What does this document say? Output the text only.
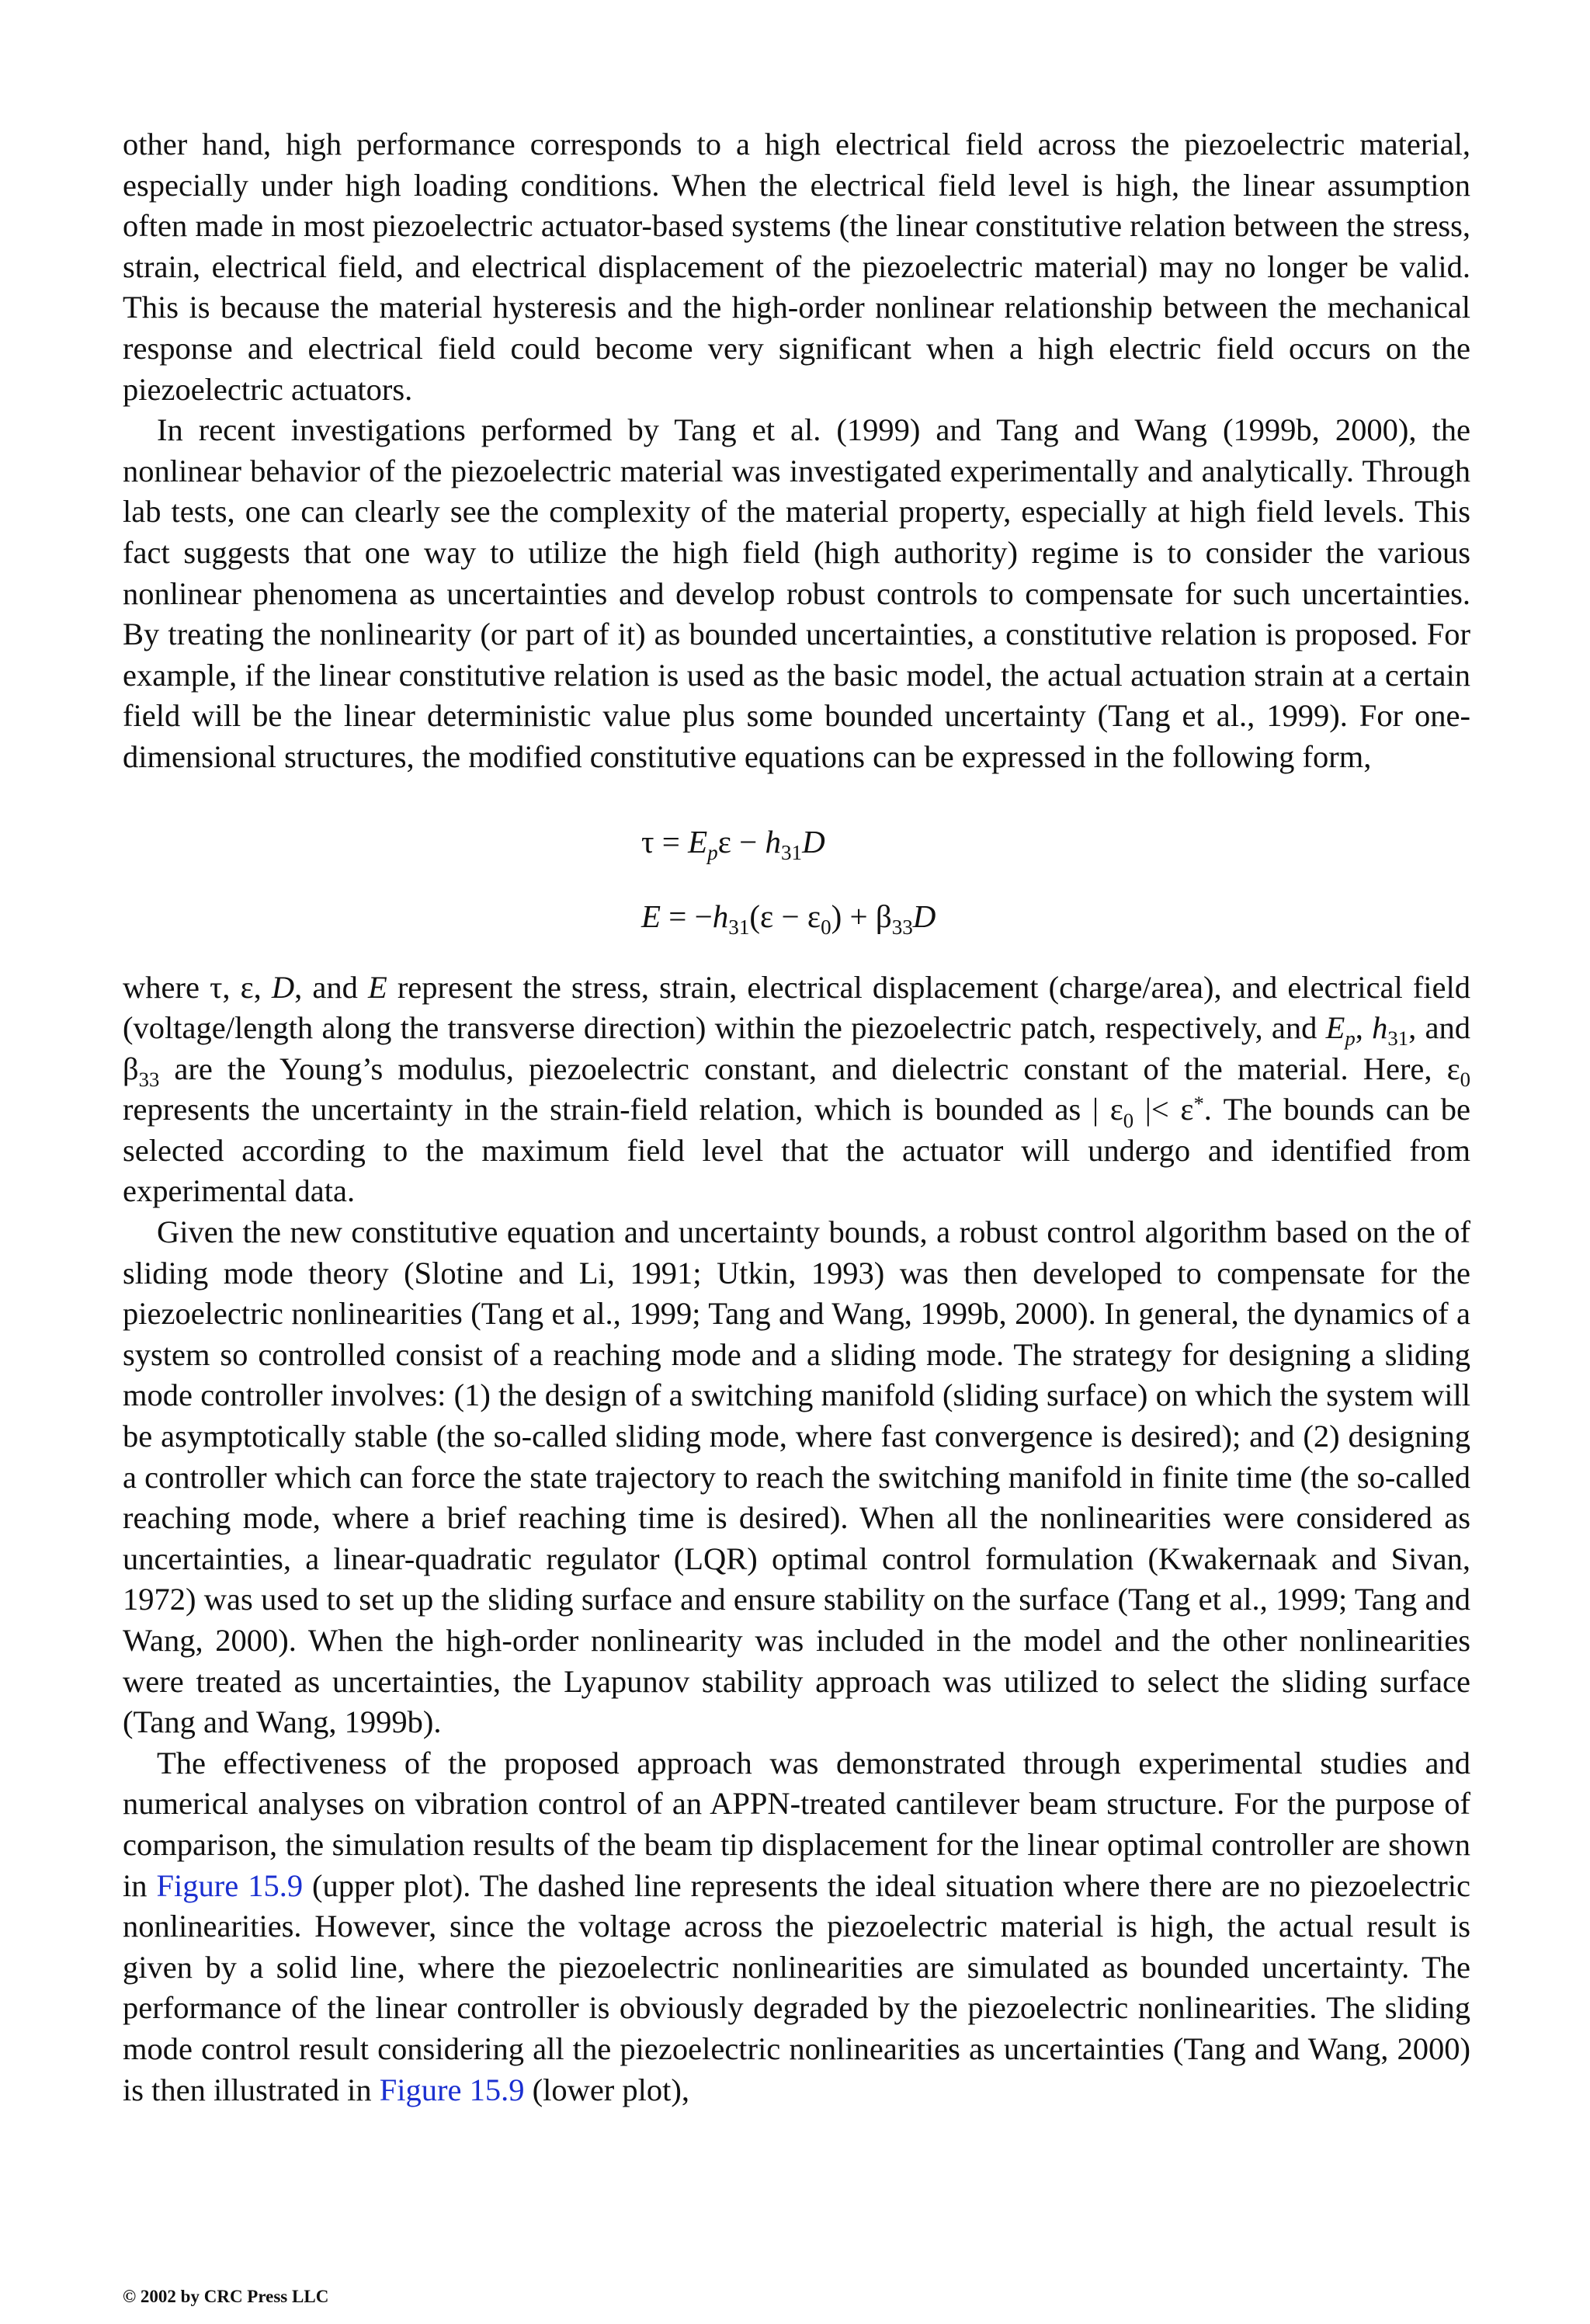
other hand, high performance corresponds to a high electrical field across the piezoelectric material, especially under high loading conditions. When the electrical field level is high, the linear assumption often made in most piezoelectric actuator-based systems (the linear constitutive relation between the stress, strain, electrical field, and electrical displacement of the piezoelectric material) may no longer be valid. This is because the material hysteresis and the high-order nonlinear relationship between the mechanical response and electrical field could become very significant when a high electric field occurs on the piezoelectric actuators.

In recent investigations performed by Tang et al. (1999) and Tang and Wang (1999b, 2000), the nonlinear behavior of the piezoelectric material was investigated experimentally and analytically. Through lab tests, one can clearly see the complexity of the material property, especially at high field levels. This fact suggests that one way to utilize the high field (high authority) regime is to consider the various nonlinear phenomena as uncertainties and develop robust controls to compensate for such uncertainties. By treating the nonlinearity (or part of it) as bounded uncertainties, a constitutive relation is proposed. For example, if the linear constitutive relation is used as the basic model, the actual actuation strain at a certain field will be the linear deterministic value plus some bounded uncertainty (Tang et al., 1999). For one-dimensional structures, the modified constitutive equations can be expressed in the following form,

$\tau = E_p\varepsilon - h_{31}D$
$E = -h_{31}(\varepsilon - \varepsilon_0) + \beta_{33}D$

where τ, ε, D, and E represent the stress, strain, electrical displacement (charge/area), and electrical field (voltage/length along the transverse direction) within the piezoelectric patch, respectively, and $E_p$, $h_{31}$, and $\beta_{33}$ are the Young’s modulus, piezoelectric constant, and dielectric constant of the material. Here, $\varepsilon_0$ represents the uncertainty in the strain-field relation, which is bounded as | $\varepsilon_0$ |< ε*. The bounds can be selected according to the maximum field level that the actuator will undergo and identified from experimental data.

Given the new constitutive equation and uncertainty bounds, a robust control algorithm based on the of sliding mode theory (Slotine and Li, 1991; Utkin, 1993) was then developed to compensate for the piezoelectric nonlinearities (Tang et al., 1999; Tang and Wang, 1999b, 2000). In general, the dynamics of a system so controlled consist of a reaching mode and a sliding mode. The strategy for designing a sliding mode controller involves: (1) the design of a switching manifold (sliding surface) on which the system will be asymptotically stable (the so-called sliding mode, where fast convergence is desired); and (2) designing a controller which can force the state trajectory to reach the switching manifold in finite time (the so-called reaching mode, where a brief reaching time is desired). When all the nonlinearities were considered as uncertainties, a linear-quadratic regulator (LQR) optimal control formulation (Kwakernaak and Sivan, 1972) was used to set up the sliding surface and ensure stability on the surface (Tang et al., 1999; Tang and Wang, 2000). When the high-order nonlinearity was included in the model and the other nonlinearities were treated as uncertainties, the Lyapunov stability approach was utilized to select the sliding surface (Tang and Wang, 1999b).

The effectiveness of the proposed approach was demonstrated through experimental studies and numerical analyses on vibration control of an APPN-treated cantilever beam structure. For the purpose of comparison, the simulation results of the beam tip displacement for the linear optimal controller are shown in Figure 15.9 (upper plot). The dashed line represents the ideal situation where there are no piezoelectric nonlinearities. However, since the voltage across the piezoelectric material is high, the actual result is given by a solid line, where the piezoelectric nonlinearities are simulated as bounded uncertainty. The performance of the linear controller is obviously degraded by the piezoelectric nonlinearities. The sliding mode control result considering all the piezoelectric nonlinearities as uncertainties (Tang and Wang, 2000) is then illustrated in Figure 15.9 (lower plot),

© 2002 by CRC Press LLC
